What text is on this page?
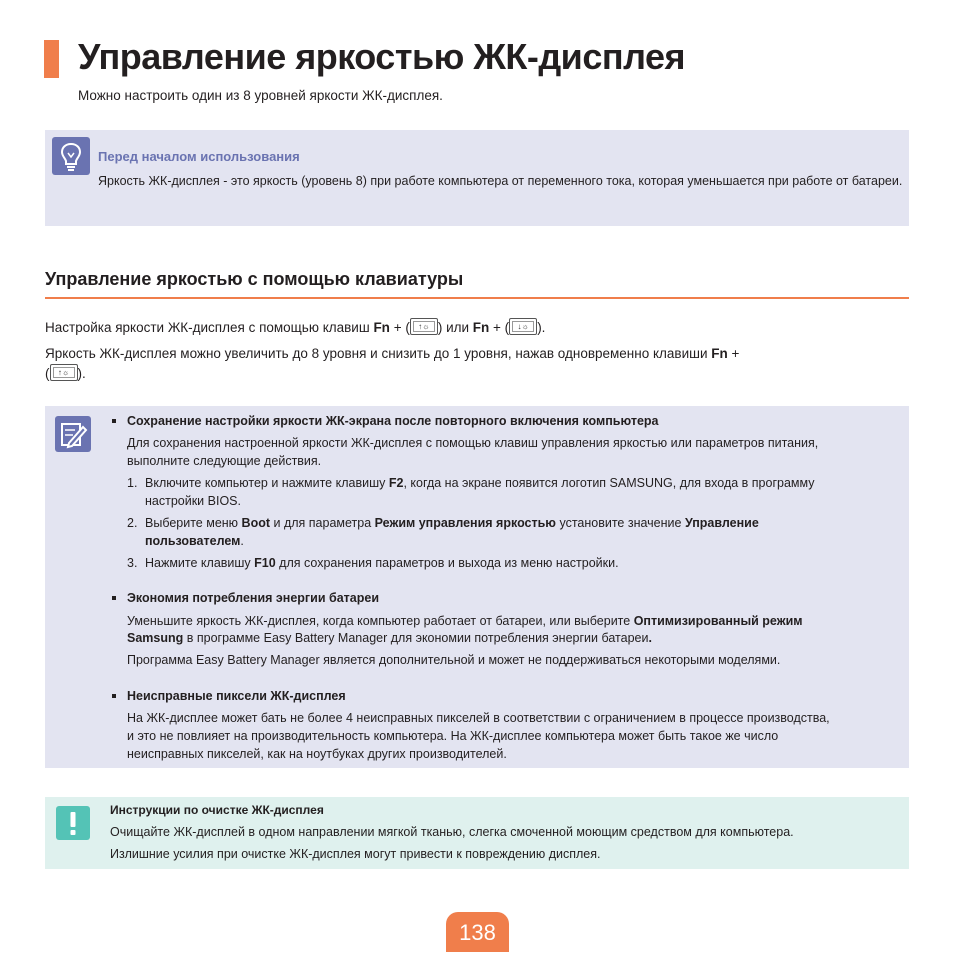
Управление яркостью ЖК-дисплея
Можно настроить один из 8 уровней яркости ЖК-дисплея.
Перед началом использования
Яркость ЖК-дисплея - это яркость (уровень 8) при работе компьютера от переменного тока, которая уменьшается при работе от батареи.
Управление яркостью с помощью клавиатуры
Настройка яркости ЖК-дисплея с помощью клавиш Fn + (	↑☼ ) или Fn + (	↓☼ ).
Яркость ЖК-дисплея можно увеличить до 8 уровня и снизить до 1 уровня, нажав одновременно клавиши Fn +
(	↑☼ ).
Сохранение настройки яркости ЖК-экрана после повторного включения компьютера
Для сохранения настроенной яркости ЖК-дисплея с помощью клавиш управления яркостью или параметров питания,
выполните следующие действия.
1. Включите компьютер и нажмите клавишу F2, когда на экране появится логотип SAMSUNG, для входа в программу
настройки BIOS.
2. Выберите меню Boot и для параметра Режим управления яркостью установите значение Управление
пользователем.
3. Нажмите клавишу F10 для сохранения параметров и выхода из меню настройки.
Экономия потребления энергии батареи
Уменьшите яркость ЖК-дисплея, когда компьютер работает от батареи, или выберите Оптимизированный режим
Samsung в программе Easy Battery Manager для экономии потребления энергии батареи.
Программа Easy Battery Manager является дополнительной и может не поддерживаться некоторыми моделями.
Неисправные пиксели ЖК-дисплея
На ЖК-дисплее может бать не более 4 неисправных пикселей в соответствии с ограничением в процессе производства,
и это не повлияет на производительность компьютера. На ЖК-дисплее компьютера может быть такое же число
неисправных пикселей, как на ноутбуках других производителей.
Инструкции по очистке ЖК-дисплея
Очищайте ЖК-дисплей в одном направлении мягкой тканью, слегка смоченной моющим средством для компьютера.
Излишние усилия при очистке ЖК-дисплея могут привести к повреждению дисплея.
138
